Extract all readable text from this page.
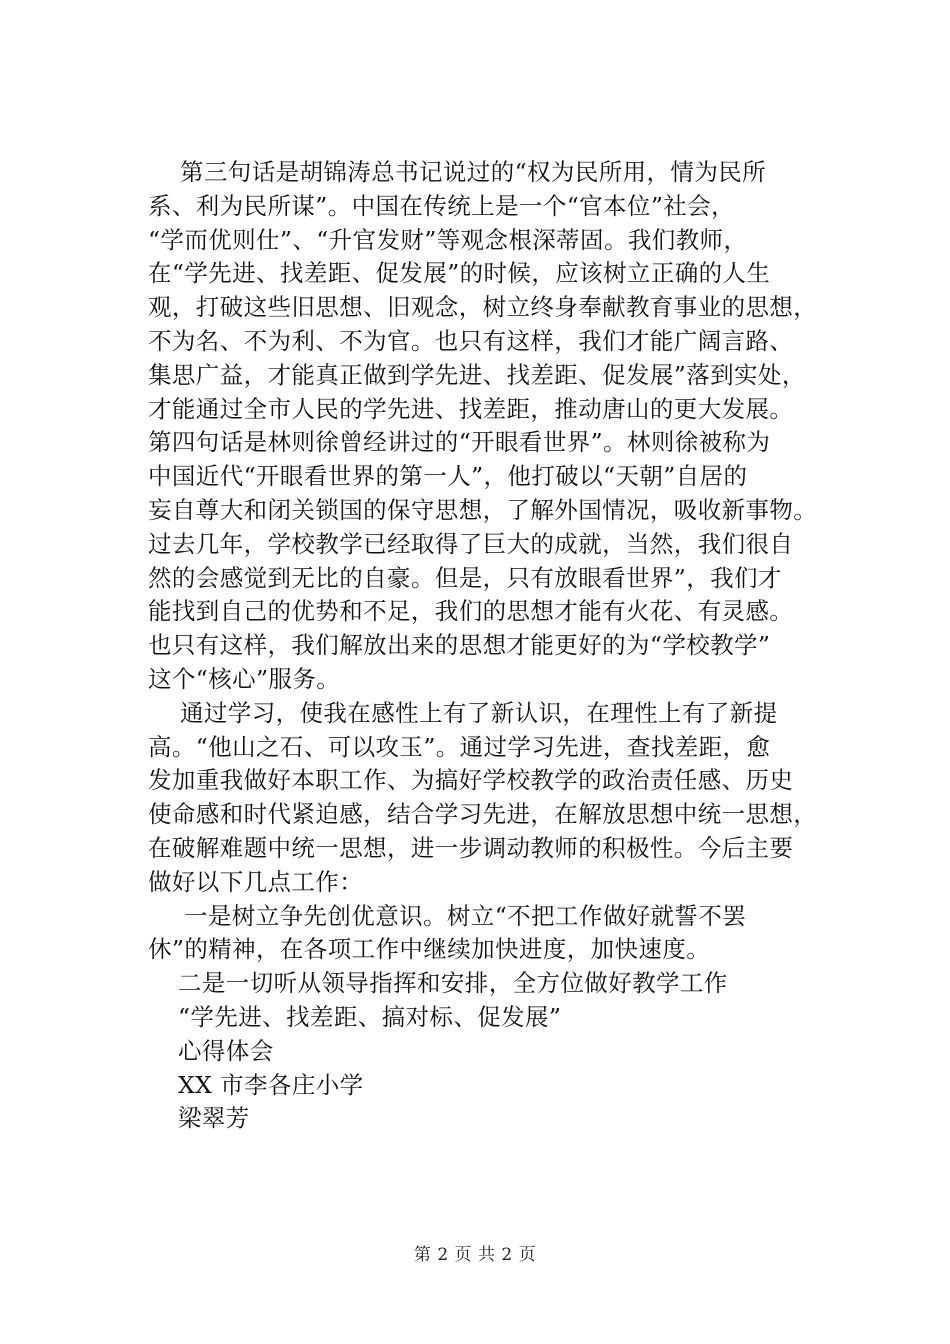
第三句话是胡锦涛总书记说过的“权为民所用，情为民所
系、利为民所谋”。中国在传统上是一个“官本位”社会，
“学而优则仕”、“升官发财”等观念根深蒂固。我们教师，
在“学先进、找差距、促发展”的时候，应该树立正确的人生
观，打破这些旧思想、旧观念，树立终身奉献教育事业的思想，
不为名、不为利、不为官。也只有这样，我们才能广阔言路、
集思广益，才能真正做到学先进、找差距、促发展”落到实处，
才能通过全市人民的学先进、找差距，推动唐山的更大发展。
第四句话是林则徐曾经讲过的“开眼看世界”。林则徐被称为
中国近代“开眼看世界的第一人”，他打破以“天朝”自居的
妄自尊大和闭关锁国的保守思想，了解外国情况，吸收新事物。
过去几年，学校教学已经取得了巨大的成就，当然，我们很自
然的会感觉到无比的自豪。但是，只有放眼看世界”，我们才
能找到自己的优势和不足，我们的思想才能有火花、有灵感。
也只有这样，我们解放出来的思想才能更好的为“学校教学”
这个“核心”服务。
通过学习，使我在感性上有了新认识，在理性上有了新提
高。“他山之石、可以攻玉”。通过学习先进，查找差距，愈
发加重我做好本职工作、为搞好学校教学的政治责任感、历史
使命感和时代紧迫感，结合学习先进，在解放思想中统一思想，
在破解难题中统一思想，进一步调动教师的积极性。今后主要
做好以下几点工作：
一是树立争先创优意识。树立“不把工作做好就誓不罢
休”的精神，在各项工作中继续加快进度，加快速度。
二是一切听从领导指挥和安排，全方位做好教学工作
“学先进、找差距、搞对标、促发展”
心得体会
XX 市李各庄小学
梁翠芳
第 2 页 共 2 页
